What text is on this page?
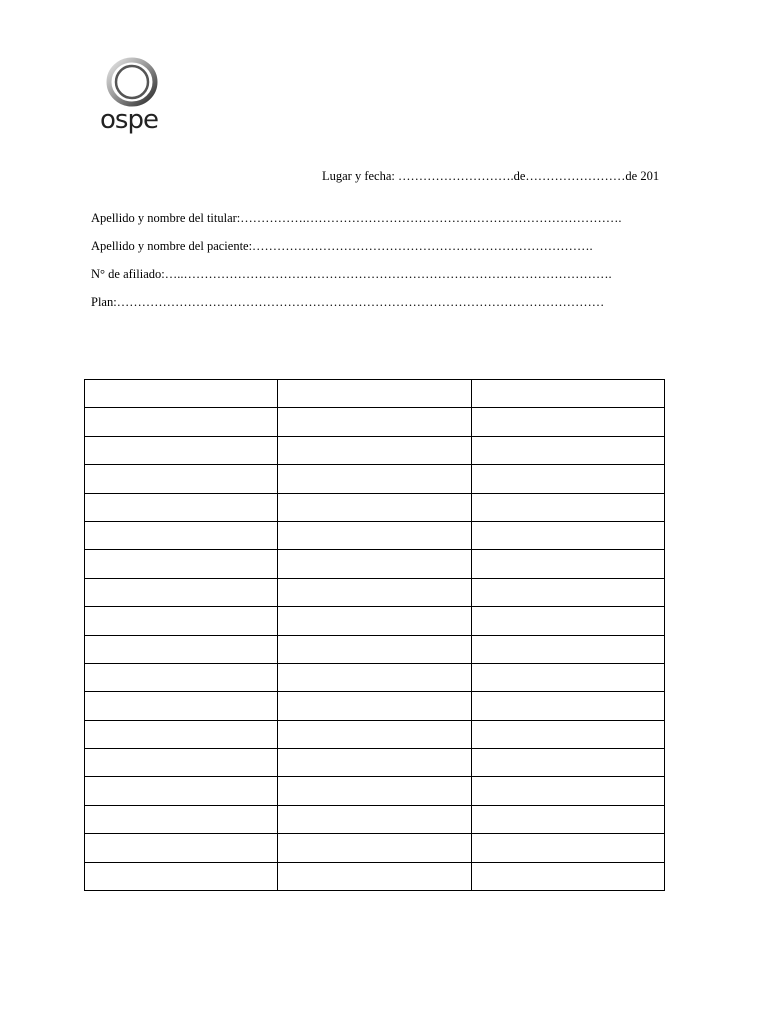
ospe
Lugar y fecha: ……………………….de……………………de 201
Apellido y nombre del titular:…………….………………………………………………………………….
Apellido y nombre del paciente:……………………………………………………………………….
N° de afiliado:…..………………………………………………………………………………………….
Plan:………………………………………………………………………………………………………
